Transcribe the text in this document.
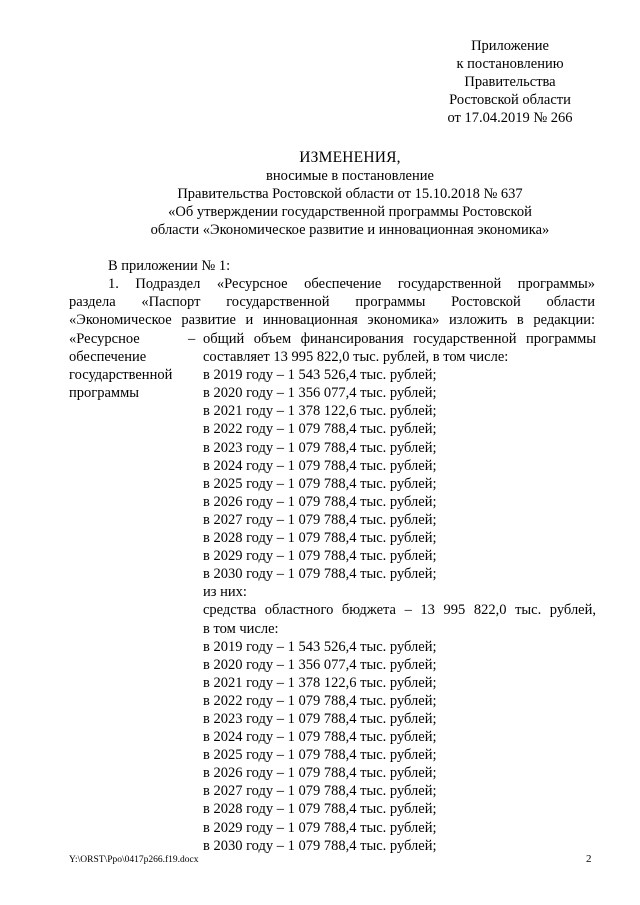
Приложение
к постановлению
Правительства
Ростовской области
от 17.04.2019 № 266
ИЗМЕНЕНИЯ,
вносимые в постановление
Правительства Ростовской области от 15.10.2018 № 637
«Об утверждении государственной программы Ростовской
области «Экономическое развитие и инновационная экономика»
В приложении № 1:
1. Подраздел «Ресурсное обеспечение государственной программы»
раздела «Паспорт государственной программы Ростовской области
«Экономическое развитие и инновационная экономика» изложить в редакции:
«Ресурсное
обеспечение
государственной
программы
– общий объем финансирования государственной программы
составляет 13 995 822,0 тыс. рублей, в том числе:
в 2019 году – 1 543 526,4 тыс. рублей;
в 2020 году – 1 356 077,4 тыс. рублей;
в 2021 году – 1 378 122,6 тыс. рублей;
в 2022 году – 1 079 788,4 тыс. рублей;
в 2023 году – 1 079 788,4 тыс. рублей;
в 2024 году – 1 079 788,4 тыс. рублей;
в 2025 году – 1 079 788,4 тыс. рублей;
в 2026 году – 1 079 788,4 тыс. рублей;
в 2027 году – 1 079 788,4 тыс. рублей;
в 2028 году – 1 079 788,4 тыс. рублей;
в 2029 году – 1 079 788,4 тыс. рублей;
в 2030 году – 1 079 788,4 тыс. рублей;
из них:
средства областного бюджета – 13 995 822,0 тыс. рублей,
в том числе:
в 2019 году – 1 543 526,4 тыс. рублей;
в 2020 году – 1 356 077,4 тыс. рублей;
в 2021 году – 1 378 122,6 тыс. рублей;
в 2022 году – 1 079 788,4 тыс. рублей;
в 2023 году – 1 079 788,4 тыс. рублей;
в 2024 году – 1 079 788,4 тыс. рублей;
в 2025 году – 1 079 788,4 тыс. рублей;
в 2026 году – 1 079 788,4 тыс. рублей;
в 2027 году – 1 079 788,4 тыс. рублей;
в 2028 году – 1 079 788,4 тыс. рублей;
в 2029 году – 1 079 788,4 тыс. рублей;
в 2030 году – 1 079 788,4 тыс. рублей;
Y:\ORST\Ppo\0417p266.f19.docx	2
